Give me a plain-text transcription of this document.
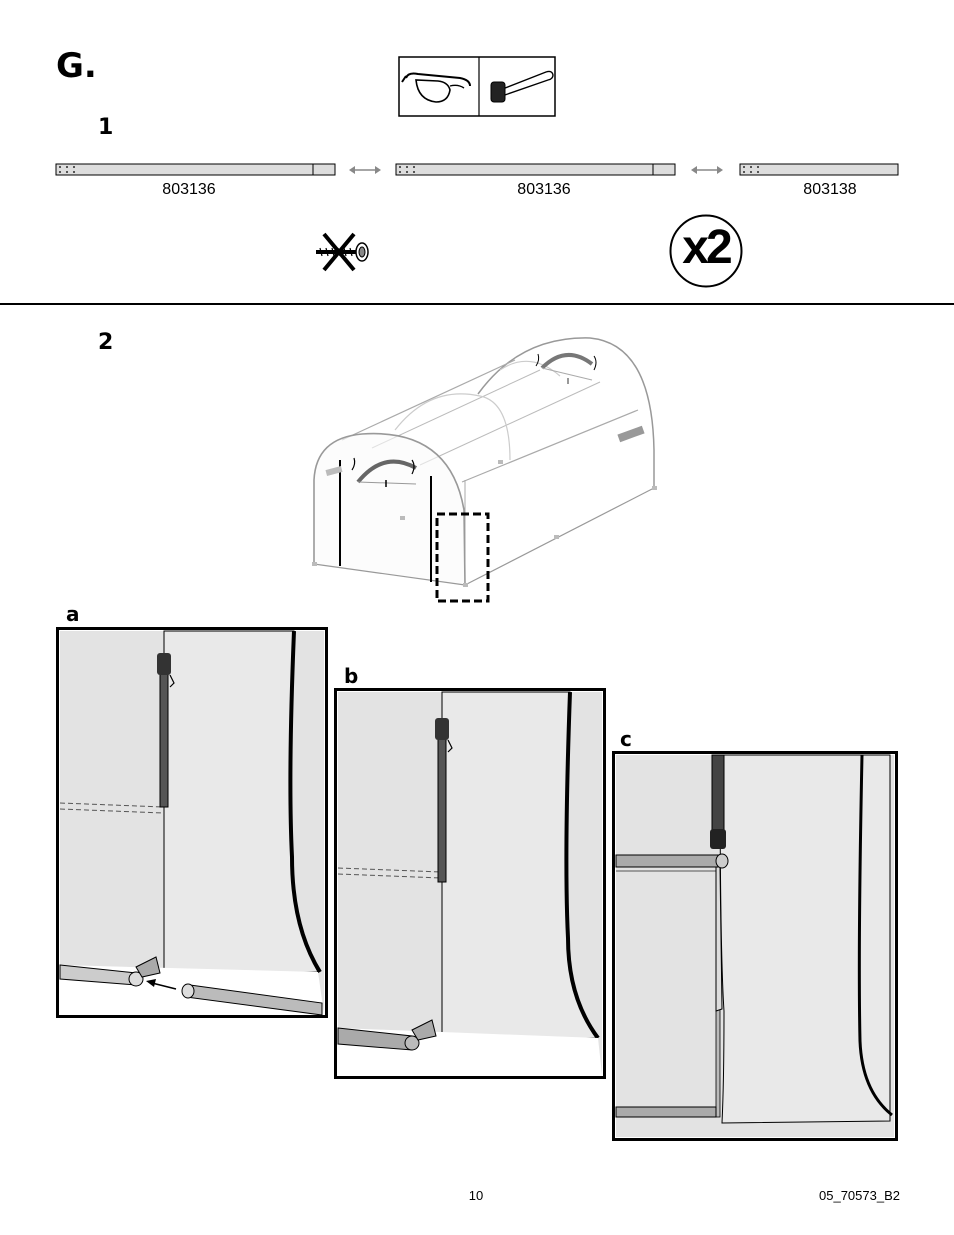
G.
1
803136	803136	803138
x2
2
a
b
c
10	05_70573_B2
